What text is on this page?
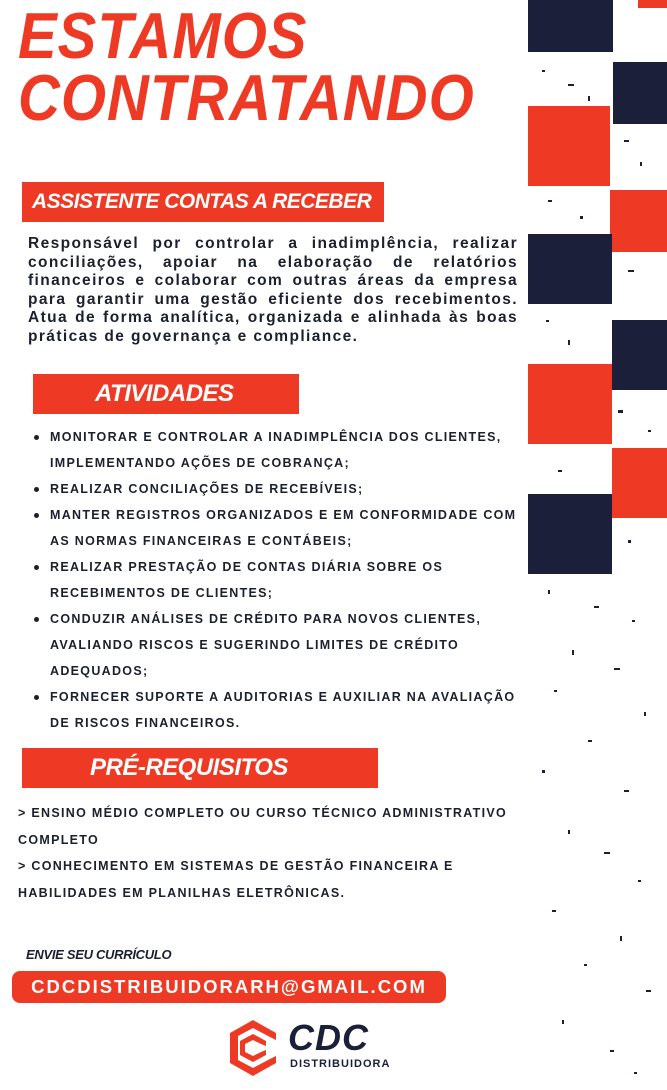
ESTAMOS
CONTRATANDO
ASSISTENTE CONTAS A RECEBER

Responsável por controlar a inadimplência, realizar conciliações, apoiar na elaboração de relatórios financeiros e colaborar com outras áreas da empresa para garantir uma gestão eficiente dos recebimentos. Atua de forma analítica, organizada e alinhada às boas práticas de governança e compliance.

ATIVIDADES
MONITORAR E CONTROLAR A INADIMPLÊNCIA DOS CLIENTES, IMPLEMENTANDO AÇÕES DE COBRANÇA;
REALIZAR CONCILIAÇÕES DE RECEBÍVEIS;
MANTER REGISTROS ORGANIZADOS E EM CONFORMIDADE COM AS NORMAS FINANCEIRAS E CONTÁBEIS;
REALIZAR PRESTAÇÃO DE CONTAS DIÁRIA SOBRE OS RECEBIMENTOS DE CLIENTES;
CONDUZIR ANÁLISES DE CRÉDITO PARA NOVOS CLIENTES, AVALIANDO RISCOS E SUGERINDO LIMITES DE CRÉDITO ADEQUADOS;
FORNECER SUPORTE A AUDITORIAS E AUXILIAR NA AVALIAÇÃO DE RISCOS FINANCEIROS.
PRÉ-REQUISITOS
> ENSINO MÉDIO COMPLETO OU CURSO TÉCNICO ADMINISTRATIVO COMPLETO
> CONHECIMENTO EM SISTEMAS DE GESTÃO FINANCEIRA E HABILIDADES EM PLANILHAS ELETRÔNICAS.
ENVIE SEU CURRÍCULO
CDCDISTRIBUIDORARH@GMAIL.COM
CDC
DISTRIBUIDORA
